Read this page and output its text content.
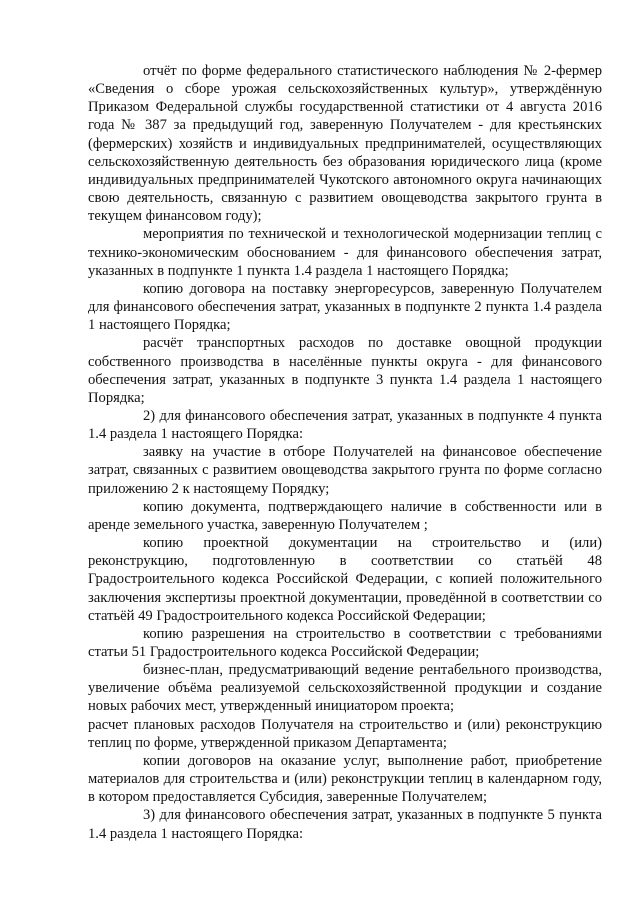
отчёт по форме федерального статистического наблюдения № 2-фермер «Сведения о сборе урожая сельскохозяйственных культур», утверждённую Приказом Федеральной службы государственной статистики от 4 августа 2016 года № 387 за предыдущий год, заверенную Получателем - для крестьянских (фермерских) хозяйств и индивидуальных предпринимателей, осуществляющих сельскохозяйственную деятельность без образования юридического лица (кроме индивидуальных предпринимателей Чукотского автономного округа начинающих свою деятельность, связанную с развитием овощеводства закрытого грунта в текущем финансовом году);

мероприятия по технической и технологической модернизации теплиц с технико-экономическим обоснованием - для финансового обеспечения затрат, указанных в подпункте 1 пункта 1.4 раздела 1 настоящего Порядка;

копию договора на поставку энергоресурсов, заверенную Получателем для финансового обеспечения затрат, указанных в подпункте 2 пункта 1.4 раздела 1 настоящего Порядка;

расчёт транспортных расходов по доставке овощной продукции собственного производства в населённые пункты округа - для финансового обеспечения затрат, указанных в подпункте 3 пункта 1.4 раздела 1 настоящего Порядка;

2) для финансового обеспечения затрат, указанных в подпункте 4 пункта 1.4 раздела 1 настоящего Порядка:

заявку на участие в отборе Получателей на финансовое обеспечение затрат, связанных с развитием овощеводства закрытого грунта по форме согласно приложению 2 к настоящему Порядку;

копию документа, подтверждающего наличие в собственности или в аренде земельного участка, заверенную Получателем ;

копию проектной документации на строительство и (или) реконструкцию, подготовленную в соответствии со статьёй 48 Градостроительного кодекса Российской Федерации, с копией положительного заключения экспертизы проектной документации, проведённой в соответствии со статьёй 49 Градостроительного кодекса Российской Федерации;

копию разрешения на строительство в соответствии с требованиями статьи 51 Градостроительного кодекса Российской Федерации;

бизнес-план, предусматривающий ведение рентабельного производства, увеличение объёма реализуемой сельскохозяйственной продукции и создание новых рабочих мест, утвержденный инициатором проекта;

расчет плановых расходов Получателя на строительство и (или) реконструкцию теплиц по форме, утвержденной приказом Департамента;

копии договоров на оказание услуг, выполнение работ, приобретение материалов для строительства и (или) реконструкции теплиц в календарном году, в котором предоставляется Субсидия, заверенные Получателем;

3) для финансового обеспечения затрат, указанных в подпункте 5 пункта 1.4 раздела 1 настоящего Порядка:
